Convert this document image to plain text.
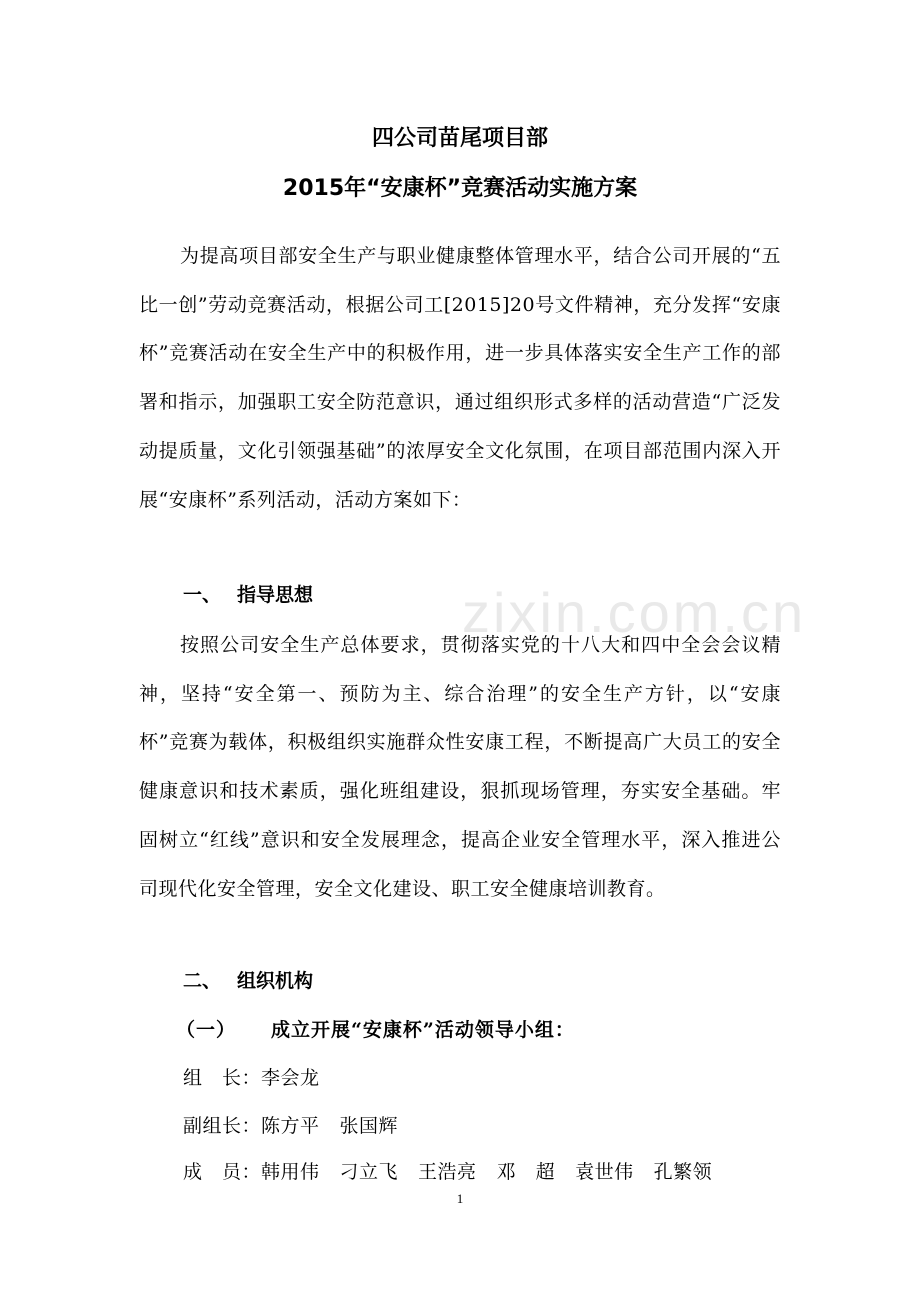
zixin.com.cn
四公司苗尾项目部
2015年“安康杯”竞赛活动实施方案

为提高项目部安全生产与职业健康整体管理水平，结合公司开展的“五比一创”劳动竞赛活动，根据公司工[2015]20号文件精神，充分发挥“安康杯”竞赛活动在安全生产中的积极作用，进一步具体落实安全生产工作的部署和指示，加强职工安全防范意识，通过组织形式多样的活动营造“广泛发动提质量，文化引领强基础”的浓厚安全文化氛围，在项目部范围内深入开展“安康杯”系列活动，活动方案如下：

一、 指导思想

按照公司安全生产总体要求，贯彻落实党的十八大和四中全会会议精神，坚持“安全第一、预防为主、综合治理”的安全生产方针，以“安康杯”竞赛为载体，积极组织实施群众性安康工程，不断提高广大员工的安全健康意识和技术素质，强化班组建设，狠抓现场管理，夯实安全基础。牢固树立“红线”意识和安全发展理念，提高企业安全管理水平，深入推进公司现代化安全管理，安全文化建设、职工安全健康培训教育。

二、 组织机构
（一） 成立开展“安康杯”活动领导小组：
组　长：李会龙
副组长：陈方平 张国辉
成　员：韩用伟 刁立飞 王浩亮 邓　超 袁世伟 孔繁领
1
